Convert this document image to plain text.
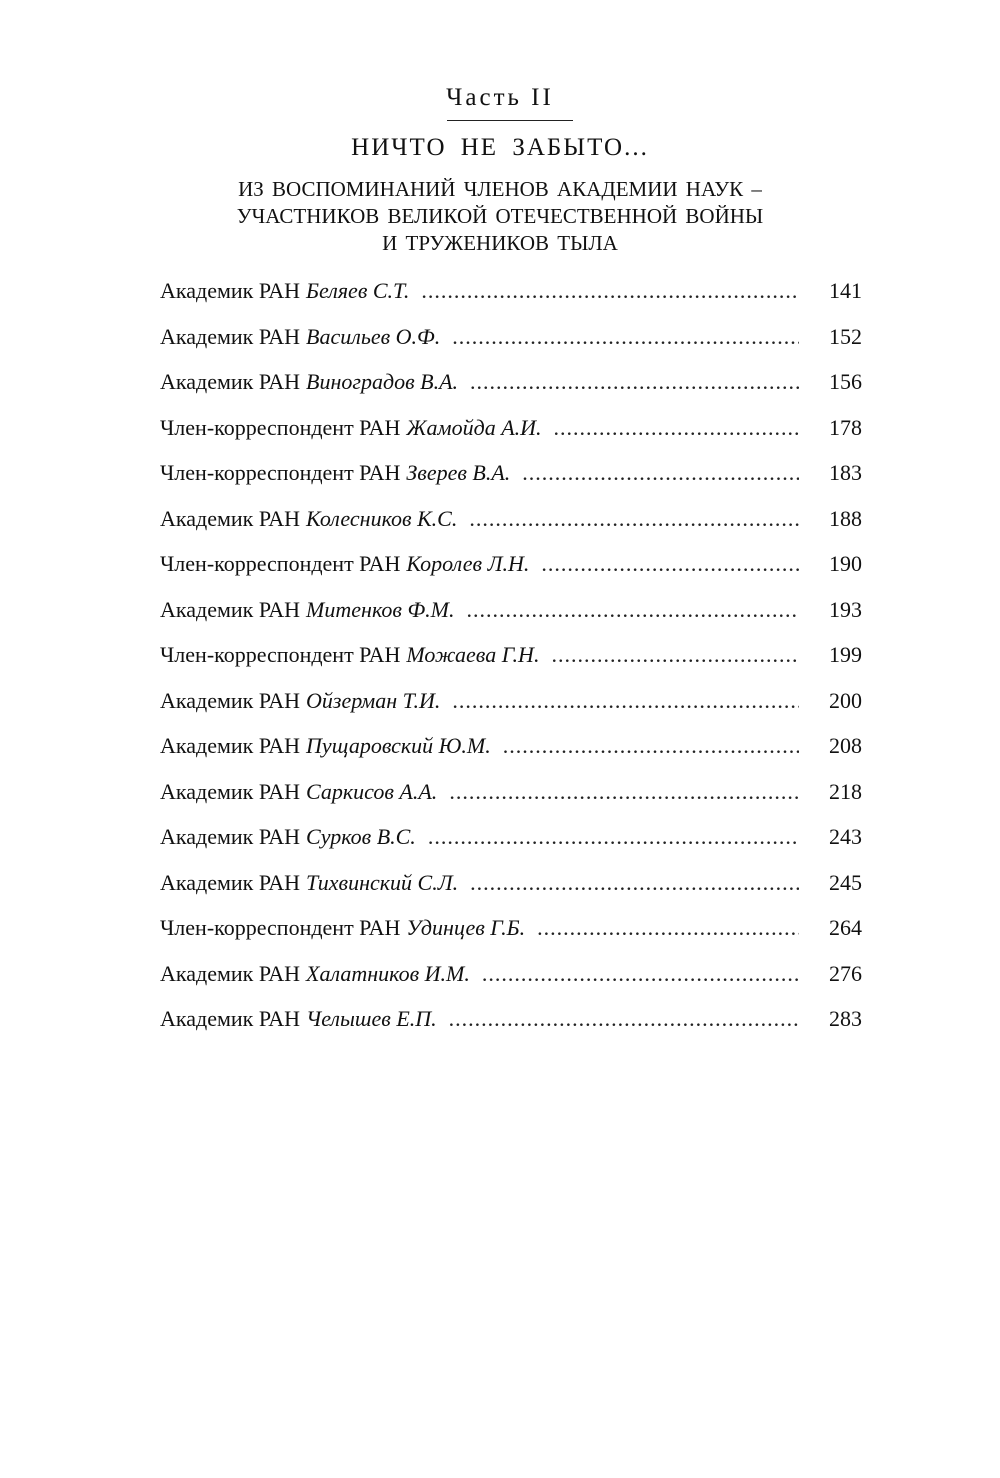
Часть II
НИЧТО НЕ ЗАБЫТО...
ИЗ ВОСПОМИНАНИЙ ЧЛЕНОВ АКАДЕМИИ НАУК –
УЧАСТНИКОВ ВЕЛИКОЙ ОТЕЧЕСТВЕННОЙ ВОЙНЫ
И ТРУЖЕНИКОВ ТЫЛА
Академик РАН Беляев С.Т. .....	141
Академик РАН Васильев О.Ф. .....	152
Академик РАН Виноградов В.А. .....	156
Член-корреспондент РАН Жамойда А.И. .....	178
Член-корреспондент РАН Зверев В.А. .....	183
Академик РАН Колесников К.С. .....	188
Член-корреспондент РАН Королев Л.Н. .....	190
Академик РАН Митенков Ф.М. .....	193
Член-корреспондент РАН Можаева Г.Н. .....	199
Академик РАН Ойзерман Т.И. .....	200
Академик РАН Пущаровский Ю.М. .....	208
Академик РАН Саркисов А.А. .....	218
Академик РАН Сурков В.С. .....	243
Академик РАН Тихвинский С.Л. .....	245
Член-корреспондент РАН Удинцев Г.Б. .....	264
Академик РАН Халатников И.М. .....	276
Академик РАН Челышев Е.П. .....	283
